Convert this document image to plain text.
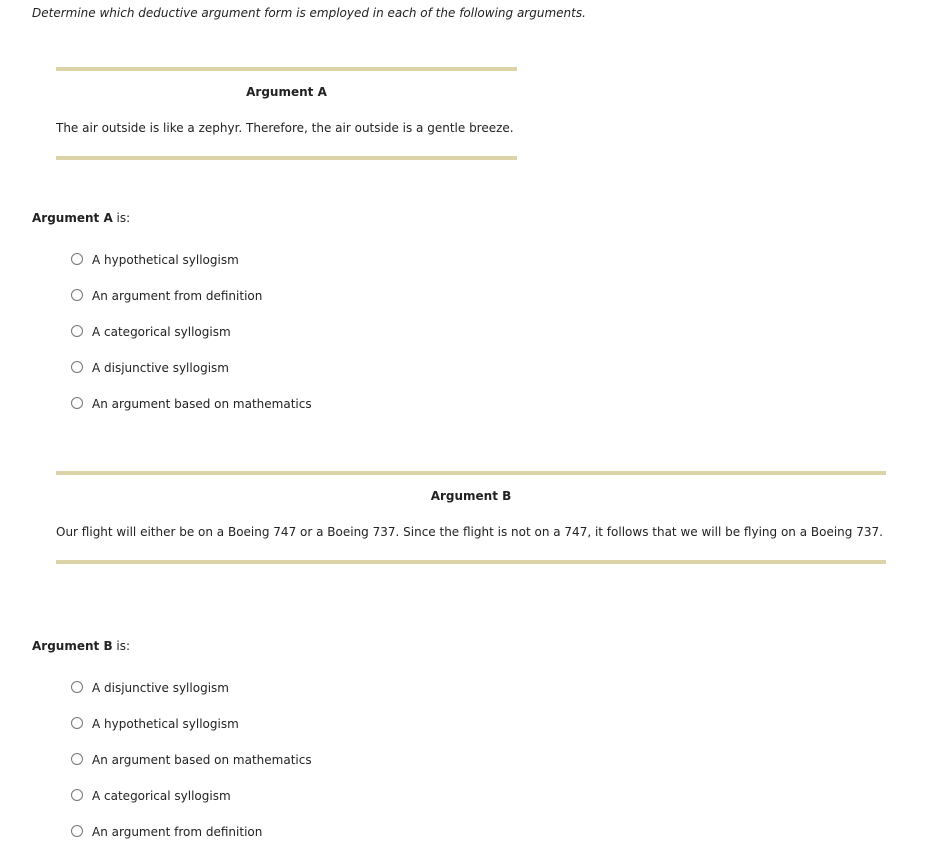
Determine which deductive argument form is employed in each of the following arguments.
Argument A
The air outside is like a zephyr. Therefore, the air outside is a gentle breeze.
Argument A is:
A hypothetical syllogism
An argument from definition
A categorical syllogism
A disjunctive syllogism
An argument based on mathematics
Argument B
Our flight will either be on a Boeing 747 or a Boeing 737. Since the flight is not on a 747, it follows that we will be flying on a Boeing 737.
Argument B is:
A disjunctive syllogism
A hypothetical syllogism
An argument based on mathematics
A categorical syllogism
An argument from definition
